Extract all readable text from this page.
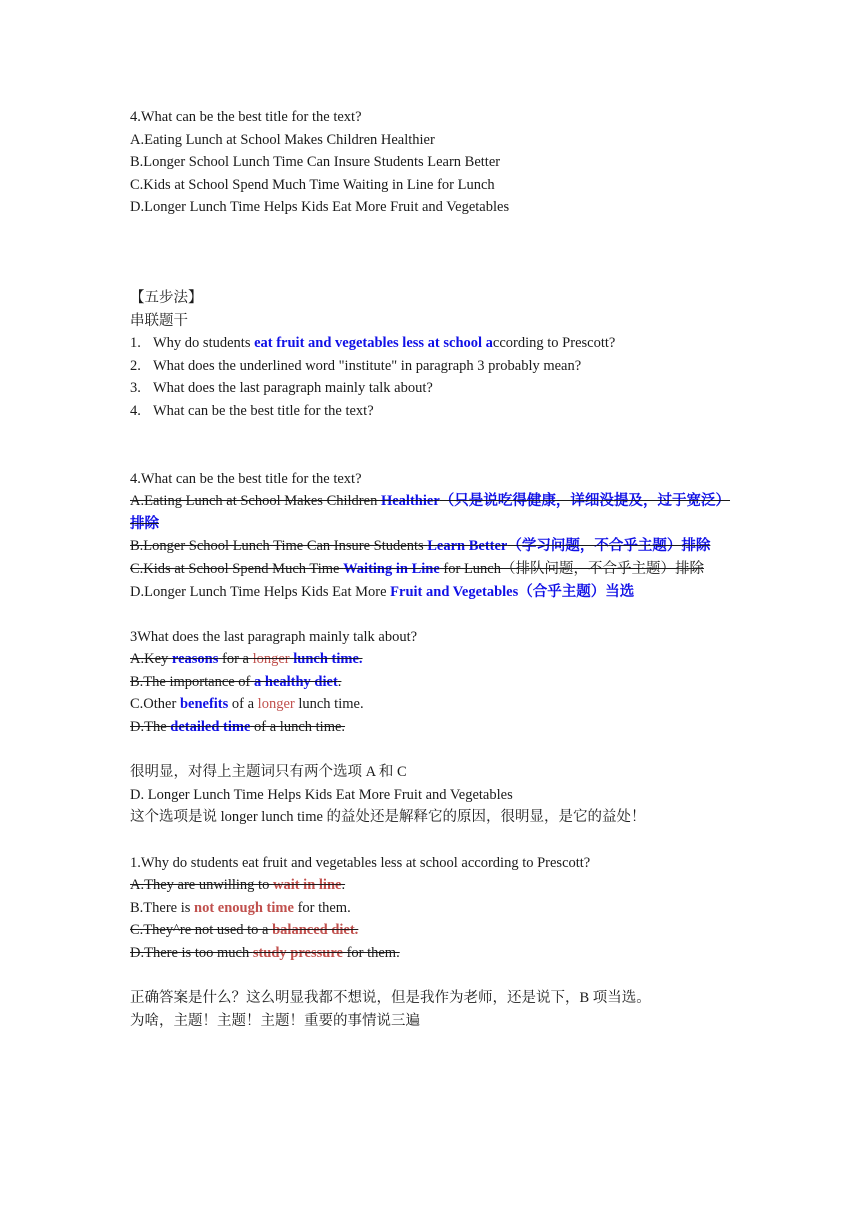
4.What can be the best title for the text?
A.Eating Lunch at School Makes Children Healthier
B.Longer School Lunch Time Can Insure Students Learn Better
C.Kids at School Spend Much Time Waiting in Line for Lunch
D.Longer Lunch Time Helps Kids Eat More Fruit and Vegetables
【五步法】
串联题干
1. Why do students eat fruit and vegetables less at school according to Prescott?
2. What does the underlined word "institute" in paragraph 3 probably mean?
3. What does the last paragraph mainly talk about?
4. What can be the best title for the text?
4.What can be the best title for the text?
A.Eating Lunch at School Makes Children Healthier（只是说吃得健康，详细没提及，过于宽泛）排除
B.Longer School Lunch Time Can Insure Students Learn Better（学习问题，不合乎主题）排除
C.Kids at School Spend Much Time Waiting in Line for Lunch（排队问题，不合乎主题）排除
D.Longer Lunch Time Helps Kids Eat More Fruit and Vegetables（合乎主题）当选
3What does the last paragraph mainly talk about?
A.Key reasons for a longer lunch time.
B.The importance of a healthy diet.
C.Other benefits of a longer lunch time.
D.The detailed time of a lunch time.
很明显，对得上主题词只有两个选项 A 和 C
D. Longer Lunch Time Helps Kids Eat More Fruit and Vegetables
这个选项是说 longer lunch time 的益处还是解释它的原因，很明显，是它的益处！
1.Why do students eat fruit and vegetables less at school according to Prescott?
A.They are unwilling to wait in line.
B.There is not enough time for them.
C.They^re not used to a balanced diet.
D.There is too much study pressure for them.
正确答案是什么？这么明显我都不想说，但是我作为老师，还是说下，B 项当选。
为啥，主题！主题！主题！重要的事情说三遍
